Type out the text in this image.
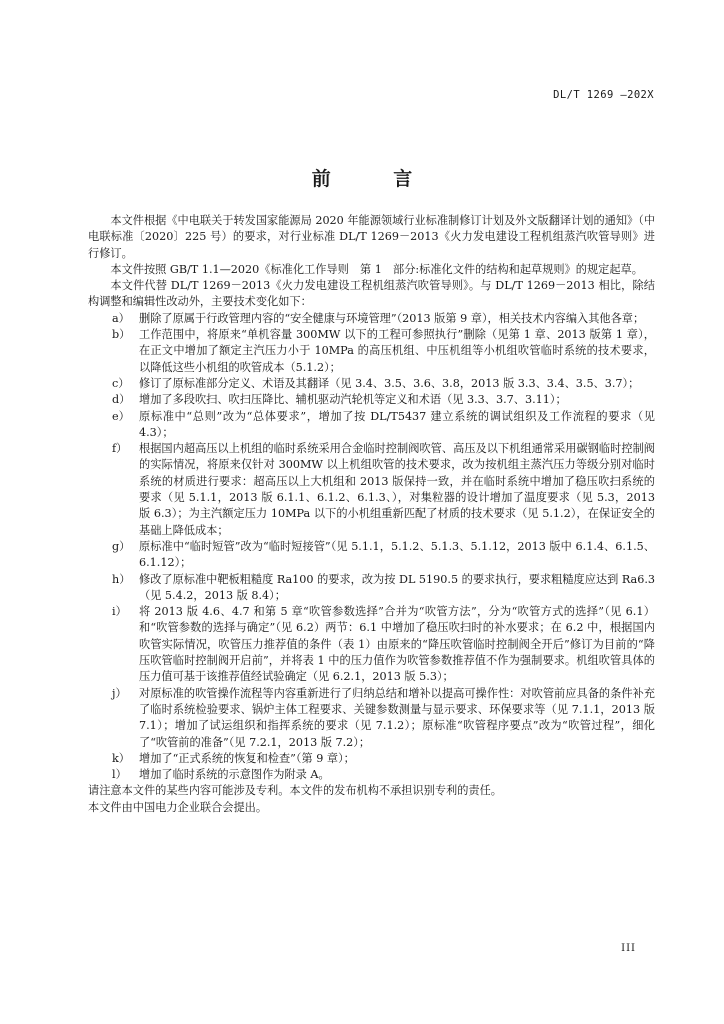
DL/T 1269 —202X
前 言

本文件根据《中电联关于转发国家能源局 2020 年能源领域行业标准制修订计划及外文版翻译计划的通知》（中电联标准〔2020〕225 号）的要求，对行业标准 DL/T 1269－2013《火力发电建设工程机组蒸汽吹管导则》进行修订。

本文件按照 GB/T 1.1—2020《标准化工作导则　第 1　部分:标准化文件的结构和起草规则》的规定起草。

本文件代替 DL/T 1269－2013《火力发电建设工程机组蒸汽吹管导则》。与 DL/T 1269－2013 相比，除结构调整和编辑性改动外，主要技术变化如下：

a） 删除了原属于行政管理内容的“安全健康与环境管理”（2013 版第 9 章），相关技术内容编入其他各章；
b） 工作范围中，将原来“单机容量 300MW 以下的工程可参照执行”删除（见第 1 章、2013 版第 1 章），在正文中增加了额定主汽压力小于 10MPa 的高压机组、中压机组等小机组吹管临时系统的技术要求，以降低这些小机组的吹管成本（5.1.2）；
c） 修订了原标准部分定义、术语及其翻译（见 3.4、3.5、3.6、3.8，2013 版 3.3、3.4、3.5、3.7）；
d） 增加了多段吹扫、吹扫压降比、辅机驱动汽轮机等定义和术语（见 3.3、3.7、3.11）；
e） 原标准中“总则”改为“总体要求”，增加了按 DL/T5437 建立系统的调试组织及工作流程的要求（见 4.3）；
f）	根据国内超高压以上机组的临时系统采用合金临时控制阀吹管、高压及以下机组通常采用碳钢临时控制阀的实际情况，将原来仅针对 300MW 以上机组吹管的技术要求，改为按机组主蒸汽压力等级分别对临时系统的材质进行要求：超高压以上大机组和 2013 版保持一致，并在临时系统中增加了稳压吹扫系统的要求（见 5.1.1，2013 版 6.1.1、6.1.2、6.1.3、），对集粒器的设计增加了温度要求（见 5.3，2013 版 6.3）；为主汽额定压力 10MPa 以下的小机组重新匹配了材质的技术要求（见 5.1.2），在保证安全的基础上降低成本；
g） 原标准中“临时短管”改为“临时短接管”（见 5.1.1，5.1.2、5.1.3、5.1.12，2013 版中 6.1.4、6.1.5、6.1.12）；
h） 修改了原标准中靶板粗糙度 Ra100 的要求，改为按 DL 5190.5 的要求执行，要求粗糙度应达到 Ra6.3（见 5.4.2，2013 版 8.4）；
i）	将 2013 版 4.6、4.7 和第 5 章“吹管参数选择”合并为“吹管方法”，分为“吹管方式的选择”（见 6.1）和“吹管参数的选择与确定”（见 6.2）两节：6.1 中增加了稳压吹扫时的补水要求；在 6.2 中，根据国内吹管实际情况，吹管压力推荐值的条件（表 1）由原来的“降压吹管临时控制阀全开后”修订为目前的“降压吹管临时控制阀开启前”，并将表 1 中的压力值作为吹管参数推荐值不作为强制要求。机组吹管具体的压力值可基于该推荐值经试验确定（见 6.2.1，2013 版 5.3）；
j）	对原标准的吹管操作流程等内容重新进行了归纳总结和增补以提高可操作性：对吹管前应具备的条件补充了临时系统检验要求、锅炉主体工程要求、关键参数测量与显示要求、环保要求等（见 7.1.1，2013 版 7.1）；增加了试运组织和指挥系统的要求（见 7.1.2）；原标准“吹管程序要点”改为“吹管过程”，细化了“吹管前的准备”（见 7.2.1，2013 版 7.2）；
k） 增加了“正式系统的恢复和检查”（第 9 章）；
l）	增加了临时系统的示意图作为附录 A。

请注意本文件的某些内容可能涉及专利。本文件的发布机构不承担识别专利的责任。

本文件由中国电力企业联合会提出。

III
